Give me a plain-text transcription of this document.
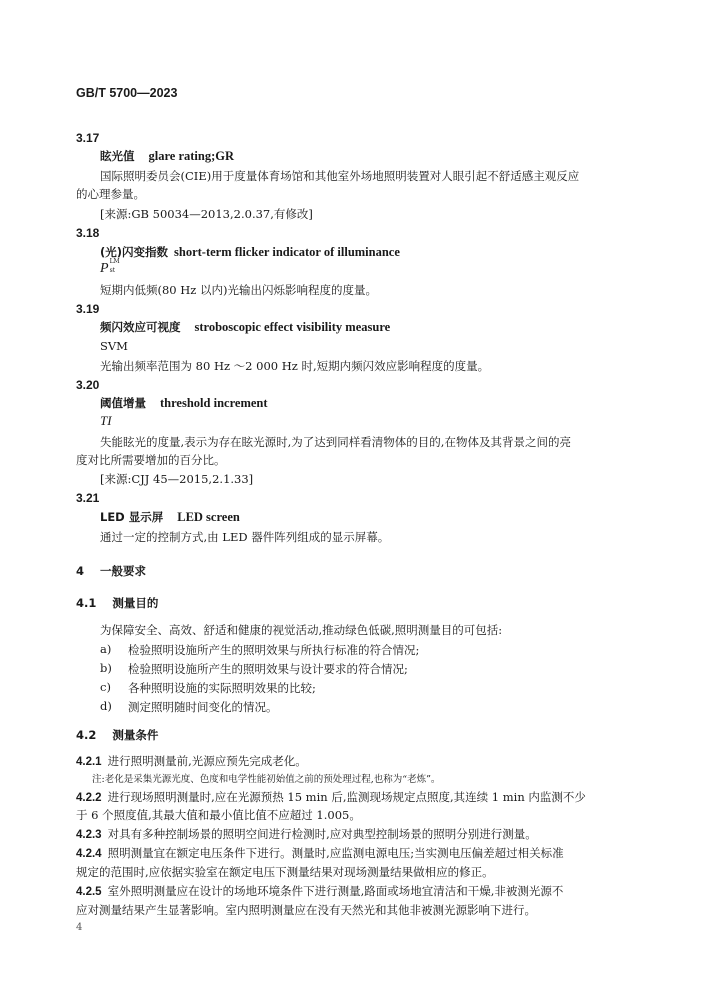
GB/T 5700—2023
3.17
眩光值 glare rating;GR
国际照明委员会(CIE)用于度量体育场馆和其他室外场地照明装置对人眼引起不舒适感主观反应
的心理参量。
[来源:GB 50034—2013,2.0.37,有修改]
3.18
(光)闪变指数 short-term flicker indicator of illuminance
P LM
st
短期内低频(80 Hz 以内)光输出闪烁影响程度的度量。
3.19
频闪效应可视度 stroboscopic effect visibility measure
SVM
光输出频率范围为 80 Hz ～2 000 Hz 时,短期内频闪效应影响程度的度量。
3.20
阈值增量 threshold increment
TI
失能眩光的度量,表示为存在眩光源时,为了达到同样看清物体的目的,在物体及其背景之间的亮
度对比所需要增加的百分比。
[来源:CJJ 45—2015,2.1.33]
3.21
LED 显示屏 LED screen
通过一定的控制方式,由 LED 器件阵列组成的显示屏幕。
4 一般要求
4.1 测量目的
为保障安全、高效、舒适和健康的视觉活动,推动绿色低碳,照明测量目的可包括:
a) 检验照明设施所产生的照明效果与所执行标准的符合情况;
b) 检验照明设施所产生的照明效果与设计要求的符合情况;
c) 各种照明设施的实际照明效果的比较;
d) 测定照明随时间变化的情况。
4.2 测量条件
4.2.1 进行照明测量前,光源应预先完成老化。
注:老化是采集光源光度、色度和电学性能初始值之前的预处理过程,也称为“老炼”。
4.2.2 进行现场照明测量时,应在光源预热 15 min 后,监测现场规定点照度,其连续 1 min 内监测不少
于 6 个照度值,其最大值和最小值比值不应超过 1.005。
4.2.3 对具有多种控制场景的照明空间进行检测时,应对典型控制场景的照明分别进行测量。
4.2.4 照明测量宜在额定电压条件下进行。测量时,应监测电源电压;当实测电压偏差超过相关标准
规定的范围时,应依据实验室在额定电压下测量结果对现场测量结果做相应的修正。
4.2.5 室外照明测量应在设计的场地环境条件下进行测量,路面或场地宜清洁和干燥,非被测光源不
应对测量结果产生显著影响。室内照明测量应在没有天然光和其他非被测光源影响下进行。
4
